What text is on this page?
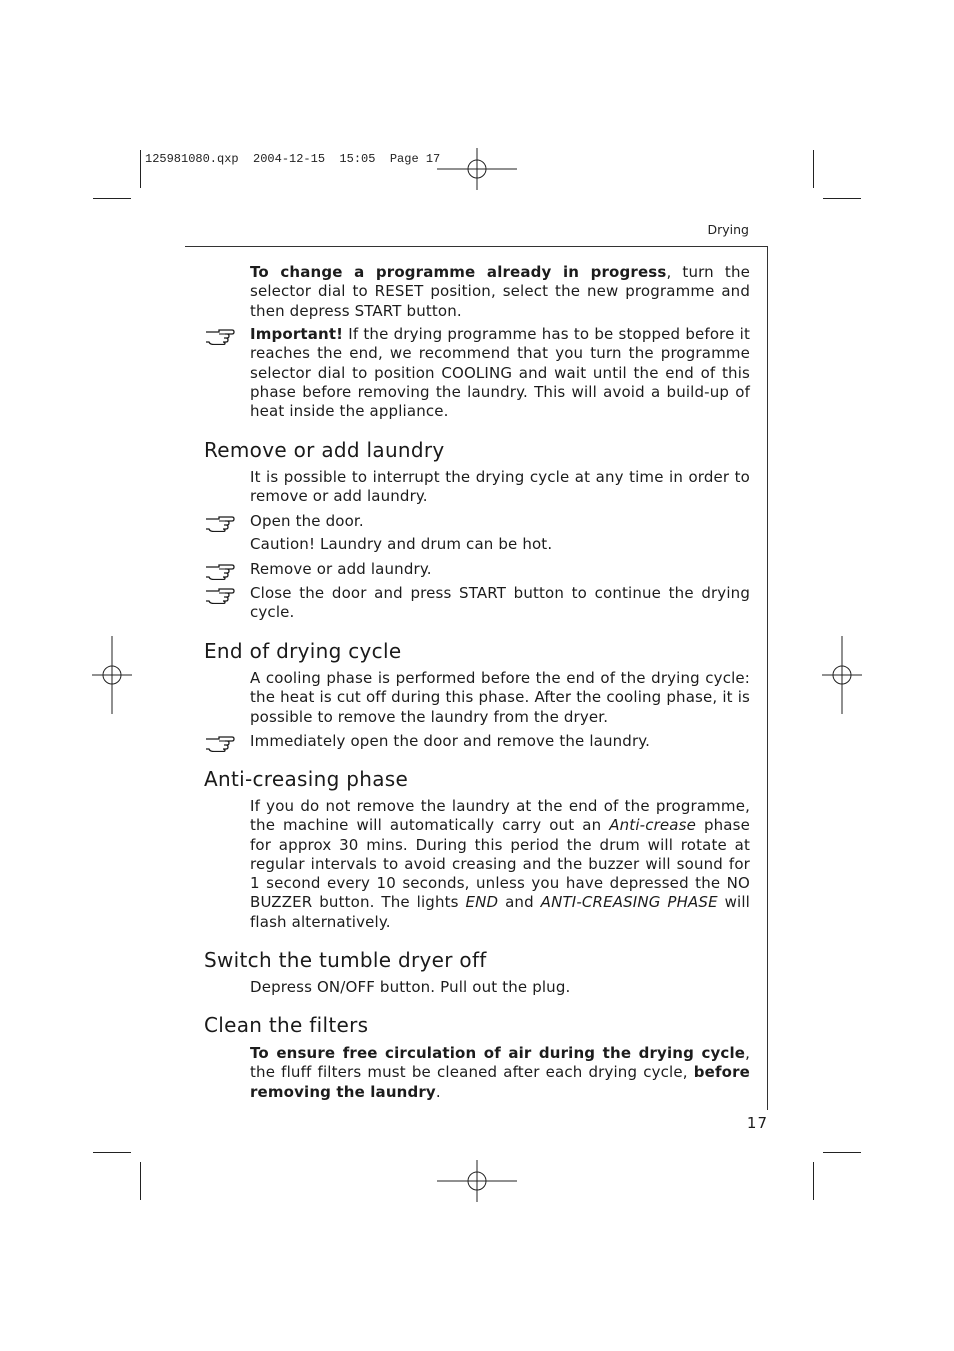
125981080.qxp  2004-12-15  15:05  Page 17
Drying
To change a programme already in progress, turn the selector dial to RESET position, select the new programme and then depress START button.
Important! If the drying programme has to be stopped before it reaches the end, we recommend that you turn the programme selector dial to position COOLING and wait until the end of this phase before removing the laundry. This will avoid a build-up of heat inside the appliance.
Remove or add laundry
It is possible to interrupt the drying cycle at any time in order to remove or add laundry.
Open the door.
Caution! Laundry and drum can be hot.
Remove or add laundry.
Close the door and press START button to continue the drying cycle.
End of drying cycle
A cooling phase is performed before the end of the drying cycle: the heat is cut off during this phase. After the cooling phase, it is possible to remove the laundry from the dryer.
Immediately open the door and remove the laundry.
Anti-creasing phase
If you do not remove the laundry at the end of the programme, the machine will automatically carry out an Anti-crease phase for approx 30 mins. During this period the drum will rotate at regular intervals to avoid creasing and the buzzer will sound for 1 second every 10 seconds, unless you have depressed the NO BUZZER button. The lights END and ANTI-CREASING PHASE will flash alternatively.
Switch the tumble dryer off
Depress ON/OFF button. Pull out the plug.
Clean the filters
To ensure free circulation of air during the drying cycle, the fluff filters must be cleaned after each drying cycle, before removing the laundry.
17
